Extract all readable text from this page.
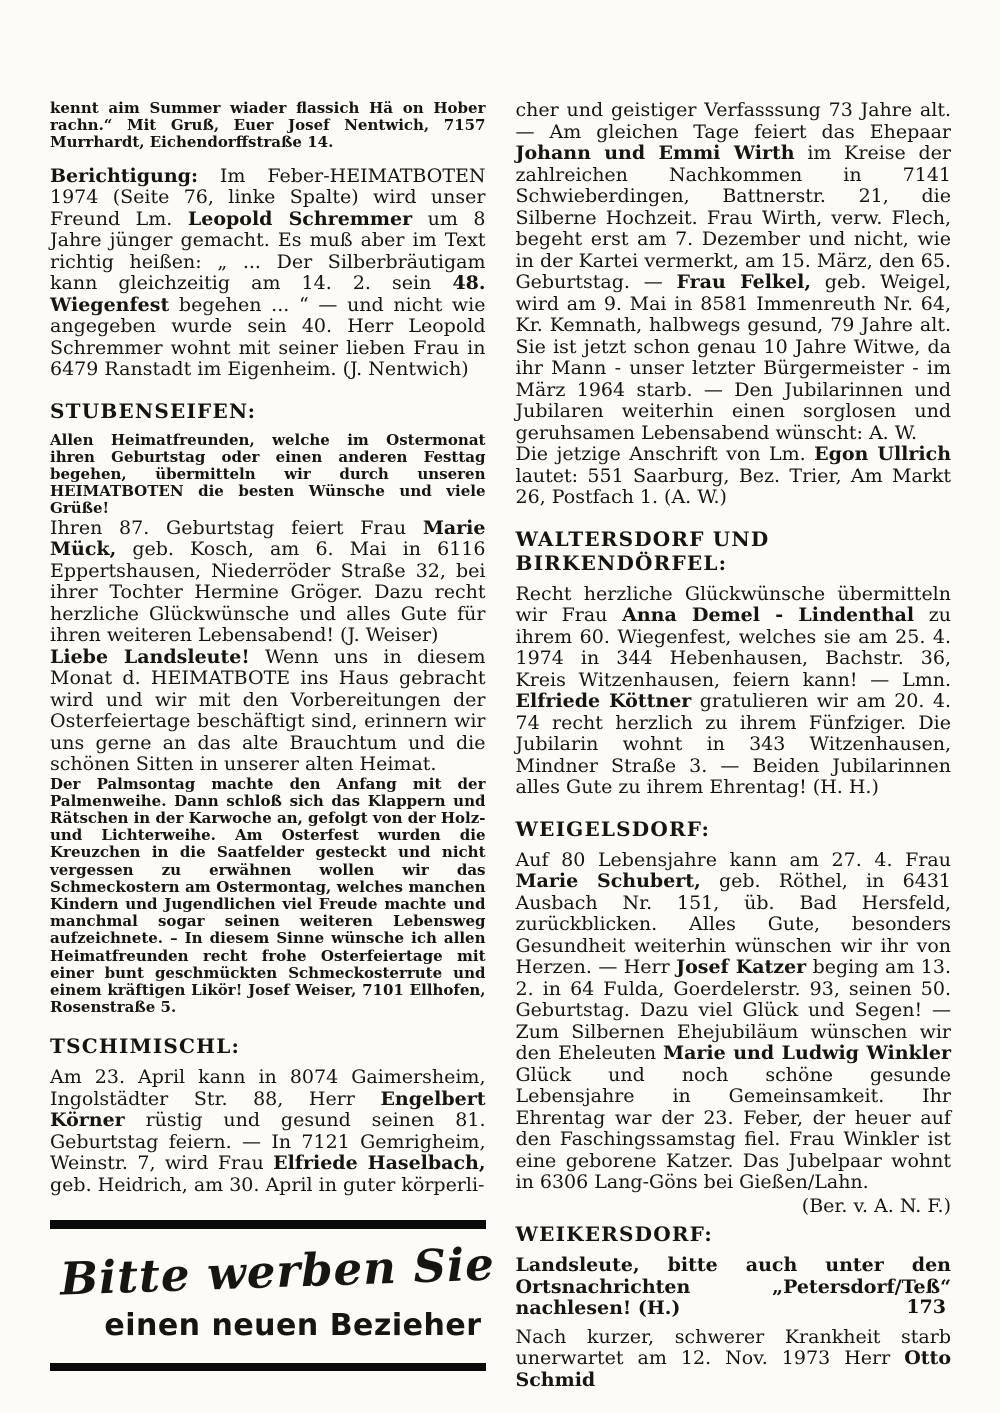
kennt aim Summer wiader flassich Hä on Hober rachn.“ Mit Gruß, Euer Josef Nentwich, 7157 Murrhardt, Eichendorffstraße 14.

Berichtigung: Im Feber-HEIMATBOTEN 1974 (Seite 76, linke Spalte) wird unser Freund Lm. Leopold Schremmer um 8 Jahre jünger gemacht. Es muß aber im Text richtig heißen: „ ... Der Silberbräutigam kann gleichzeitig am 14. 2. sein 48. Wiegenfest begehen ... “ — und nicht wie angegeben wurde sein 40. Herr Leopold Schremmer wohnt mit seiner lieben Frau in 6479 Ranstadt im Eigenheim. (J. Nentwich)

STUBENSEIFEN:

Allen Heimatfreunden, welche im Ostermonat ihren Geburtstag oder einen anderen Festtag begehen, übermitteln wir durch unseren HEIMATBOTEN die besten Wünsche und viele Grüße!

Ihren 87. Geburtstag feiert Frau Marie Mück, geb. Kosch, am 6. Mai in 6116 Eppertshausen, Niederröder Straße 32, bei ihrer Tochter Hermine Gröger. Dazu recht herzliche Glückwünsche und alles Gute für ihren weiteren Lebensabend! (J. Weiser)

Liebe Landsleute! Wenn uns in diesem Monat d. HEIMATBOTE ins Haus gebracht wird und wir mit den Vorbereitungen der Osterfeiertage beschäftigt sind, erinnern wir uns gerne an das alte Brauchtum und die schönen Sitten in unserer alten Heimat.

Der Palmsontag machte den Anfang mit der Palmenweihe. Dann schloß sich das Klappern und Rätschen in der Karwoche an, gefolgt von der Holz- und Lichterweihe. Am Osterfest wurden die Kreuzchen in die Saatfelder gesteckt und nicht vergessen zu erwähnen wollen wir das Schmeckostern am Ostermontag, welches manchen Kindern und Jugendlichen viel Freude machte und manchmal sogar seinen weiteren Lebensweg aufzeichnete. – In diesem Sinne wünsche ich allen Heimatfreunden recht frohe Osterfeiertage mit einer bunt geschmückten Schmeckosterrute und einem kräftigen Likör! Josef Weiser, 7101 Ellhofen, Rosenstraße 5.

TSCHIMISCHL:

Am 23. April kann in 8074 Gaimersheim, Ingolstädter Str. 88, Herr Engelbert Körner rüstig und gesund seinen 81. Geburtstag feiern. — In 7121 Gemrigheim, Weinstr. 7, wird Frau Elfriede Haselbach, geb. Heidrich, am 30. April in guter körperli-

Bitte werben Sie
einen neuen Bezieher

cher und geistiger Verfasssung 73 Jahre alt. — Am gleichen Tage feiert das Ehepaar Johann und Emmi Wirth im Kreise der zahlreichen Nachkommen in 7141 Schwieberdingen, Battnerstr. 21, die Silberne Hochzeit. Frau Wirth, verw. Flech, begeht erst am 7. Dezember und nicht, wie in der Kartei vermerkt, am 15. März, den 65. Geburtstag. — Frau Felkel, geb. Weigel, wird am 9. Mai in 8581 Immenreuth Nr. 64, Kr. Kemnath, halbwegs gesund, 79 Jahre alt. Sie ist jetzt schon genau 10 Jahre Witwe, da ihr Mann - unser letzter Bürgermeister - im März 1964 starb. — Den Jubilarinnen und Jubilaren weiterhin einen sorglosen und geruhsamen Lebensabend wünscht: A. W.

Die jetzige Anschrift von Lm. Egon Ullrich lautet: 551 Saarburg, Bez. Trier, Am Markt 26, Postfach 1. (A. W.)

WALTERSDORF UND BIRKENDÖRFEL:

Recht herzliche Glückwünsche übermitteln wir Frau Anna Demel - Lindenthal zu ihrem 60. Wiegenfest, welches sie am 25. 4. 1974 in 344 Hebenhausen, Bachstr. 36, Kreis Witzenhausen, feiern kann! — Lmn. Elfriede Köttner gratulieren wir am 20. 4. 74 recht herzlich zu ihrem Fünfziger. Die Jubilarin wohnt in 343 Witzenhausen, Mindner Straße 3. — Beiden Jubilarinnen alles Gute zu ihrem Ehrentag! (H. H.)

WEIGELSDORF:

Auf 80 Lebensjahre kann am 27. 4. Frau Marie Schubert, geb. Röthel, in 6431 Ausbach Nr. 151, üb. Bad Hersfeld, zurückblicken. Alles Gute, besonders Gesundheit weiterhin wünschen wir ihr von Herzen. — Herr Josef Katzer beging am 13. 2. in 64 Fulda, Goerdelerstr. 93, seinen 50. Geburtstag. Dazu viel Glück und Segen! — Zum Silbernen Ehejubiläum wünschen wir den Eheleuten Marie und Ludwig Winkler Glück und noch schöne gesunde Lebensjahre in Gemeinsamkeit. Ihr Ehrentag war der 23. Feber, der heuer auf den Faschingssamstag fiel. Frau Winkler ist eine geborene Katzer. Das Jubelpaar wohnt in 6306 Lang-Göns bei Gießen/Lahn.

(Ber. v. A. N. F.)

WEIKERSDORF:

Landsleute, bitte auch unter den Ortsnachrichten „Petersdorf/Teß“ nachlesen! (H.)

Nach kurzer, schwerer Krankheit starb unerwartet am 12. Nov. 1973 Herr Otto Schmid

173
